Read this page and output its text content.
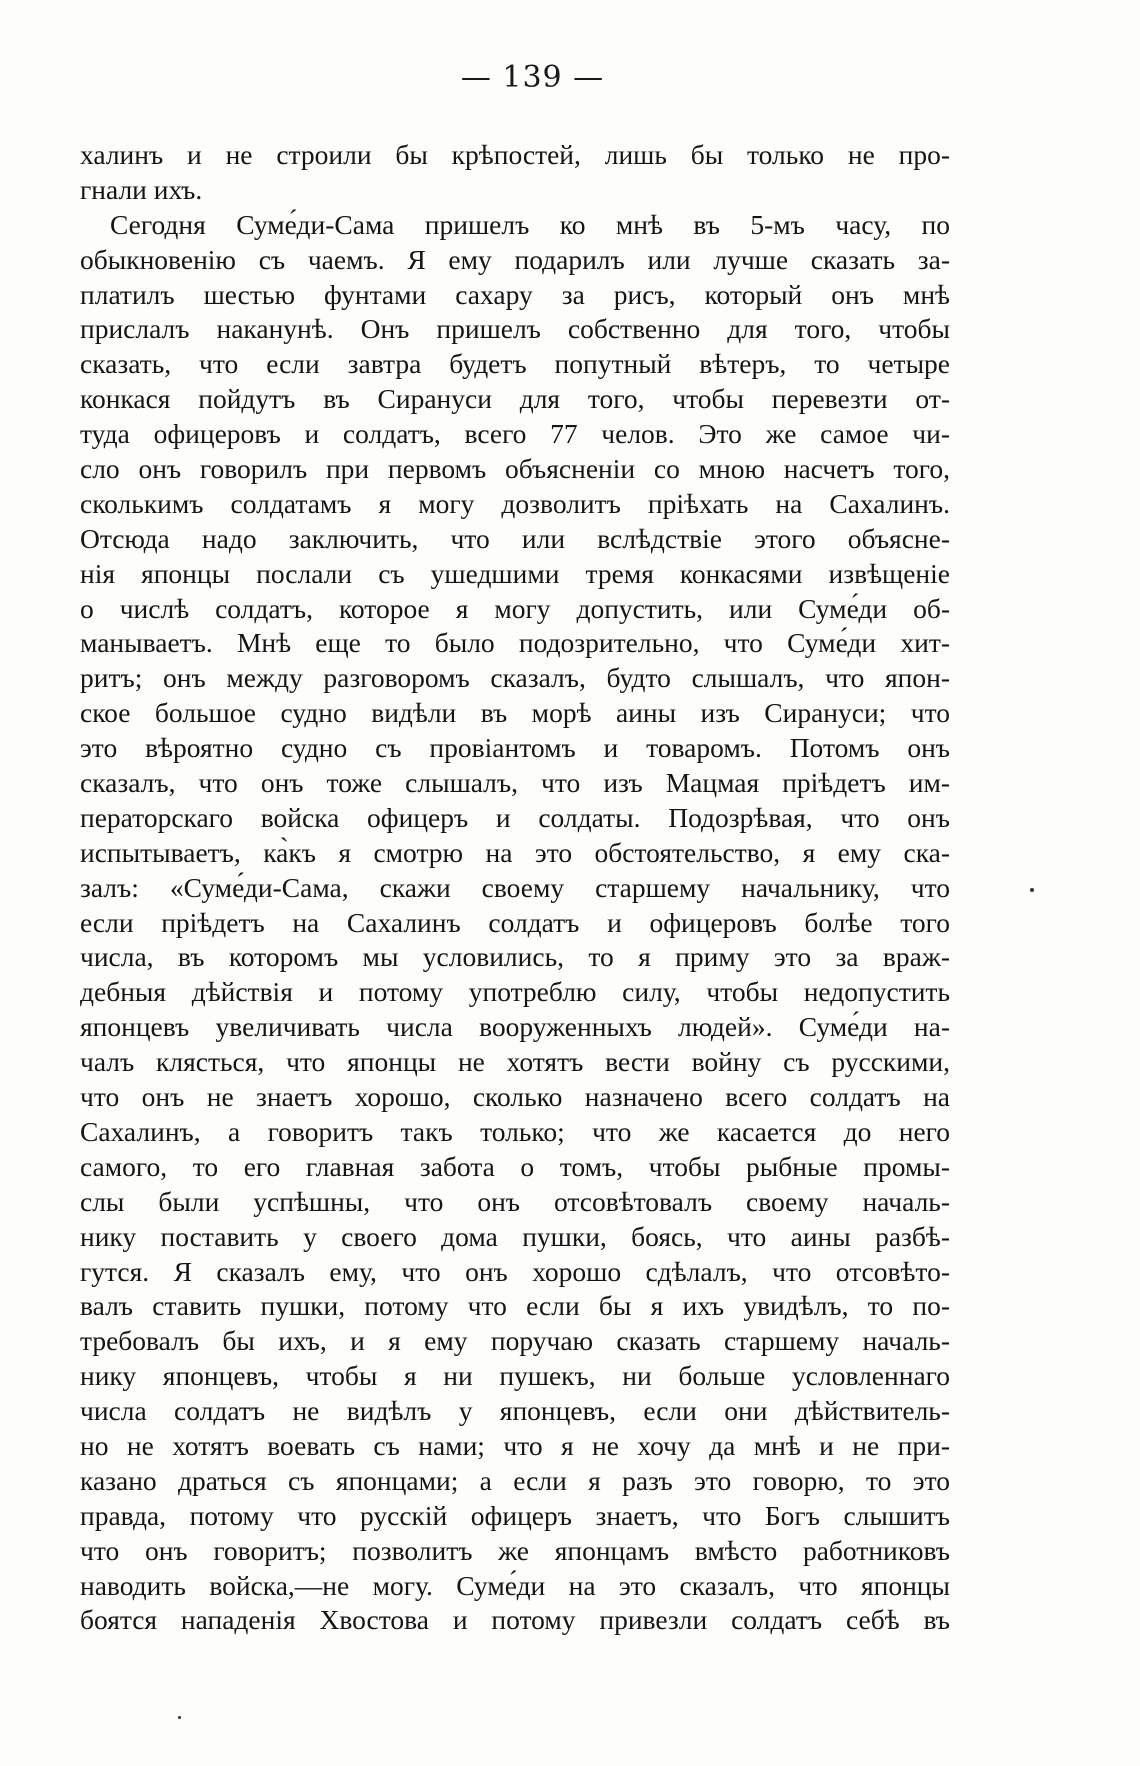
— 139 —
халинъ и не строили бы крѣпостей, лишь бы только не про-
гнали ихъ.
Сегодня Суме́ди-Сама пришелъ ко мнѣ въ 5-мъ часу, по
обыкновенію съ чаемъ. Я ему подарилъ или лучше сказать за-
платилъ шестью фунтами сахару за рисъ, который онъ мнѣ
прислалъ наканунѣ. Онъ пришелъ собственно для того, чтобы
сказать, что если завтра будетъ попутный вѣтеръ, то четыре
конкася пойдутъ въ Сирануси для того, чтобы перевезти от-
туда офицеровъ и солдатъ, всего 77 челов. Это же самое чи-
сло онъ говорилъ при первомъ объясненіи со мною насчетъ того,
сколькимъ солдатамъ я могу дозволитъ пріѣхать на Сахалинъ.
Отсюда надо заключить, что или вслѣдствіе этого объясне-
нія японцы послали съ ушедшими тремя конкасями извѣщеніе
о числѣ солдатъ, которое я могу допустить, или Суме́ди об-
манываетъ. Мнѣ еще то было подозрительно, что Суме́ди хит-
ритъ; онъ между разговоромъ сказалъ, будто слышалъ, что япон-
ское большое судно видѣли въ морѣ аины изъ Сирануси; что
это вѣроятно судно съ провіантомъ и товаромъ. Потомъ онъ
сказалъ, что онъ тоже слышалъ, что изъ Мацмая пріѣдетъ им-
ператорскаго войска офицеръ и солдаты. Подозрѣвая, что онъ
испытываетъ, ка̀къ я смотрю на это обстоятельство, я ему ска-
залъ: «Суме́ди-Сама, скажи своему старшему начальнику, что
если пріѣдетъ на Сахалинъ солдатъ и офицеровъ болѣе того
числа, въ которомъ мы условились, то я приму это за враж-
дебныя дѣйствія и потому употреблю силу, чтобы недопустить
японцевъ увеличивать числа вооруженныхъ людей». Суме́ди на-
чалъ клясться, что японцы не хотятъ вести войну съ русскими,
что онъ не знаетъ хорошо, сколько назначено всего солдатъ на
Сахалинъ, а говоритъ такъ только; что же касается до него
самого, то его главная забота о томъ, чтобы рыбные промы-
слы были успѣшны, что онъ отсовѣтовалъ своему началь-
нику поставить у своего дома пушки, боясь, что аины разбѣ-
гутся. Я сказалъ ему, что онъ хорошо сдѣлалъ, что отсовѣто-
валъ ставить пушки, потому что если бы я ихъ увидѣлъ, то по-
требовалъ бы ихъ, и я ему поручаю сказать старшему началь-
нику японцевъ, чтобы я ни пушекъ, ни больше условленнаго
числа солдатъ не видѣлъ у японцевъ, если они дѣйствитель-
но не хотятъ воевать съ нами; что я не хочу да мнѣ и не при-
казано драться съ японцами; а если я разъ это говорю, то это
правда, потому что русскій офицеръ знаетъ, что Богъ слышитъ
что онъ говоритъ; позволитъ же японцамъ вмѣсто работниковъ
наводить войска,—не могу. Суме́ди на это сказалъ, что японцы
боятся нападенія Хвостова и потому привезли солдатъ себѣ въ
